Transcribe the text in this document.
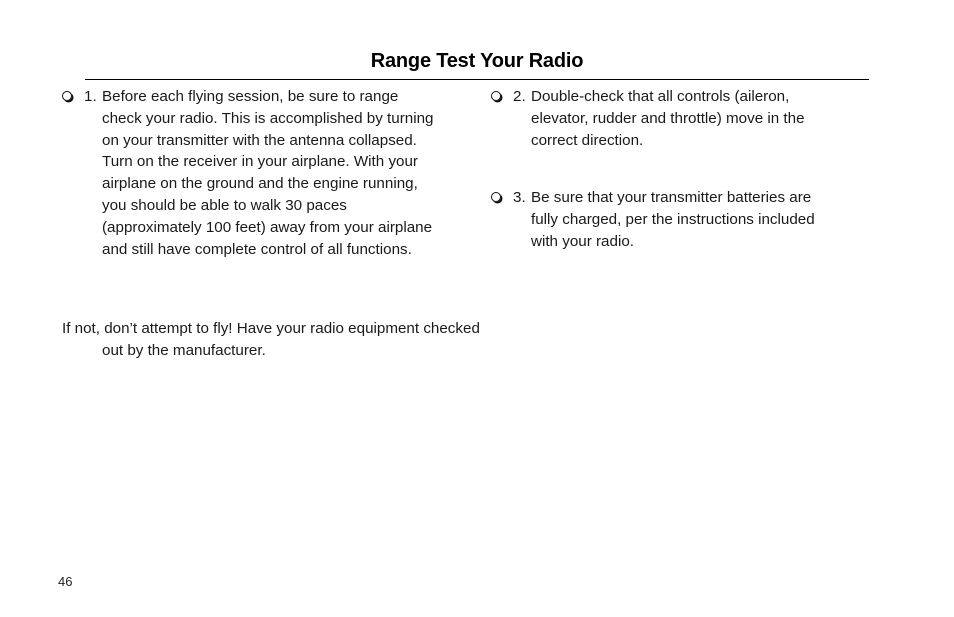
Range Test Your Radio
1. Before each flying session, be sure to range check your radio. This is accomplished by turning on your transmitter with the antenna collapsed. Turn on the receiver in your airplane. With your airplane on the ground and the engine running, you should be able to walk 30 paces (approximately 100 feet) away from your airplane and still have complete control of all functions.

If not, don’t attempt to fly! Have your radio equipment checked out by the manufacturer.

2. Double-check that all controls (aileron, elevator, rudder and throttle) move in the correct direction.
3. Be sure that your transmitter batteries are fully charged, per the instructions included with your radio.
46
